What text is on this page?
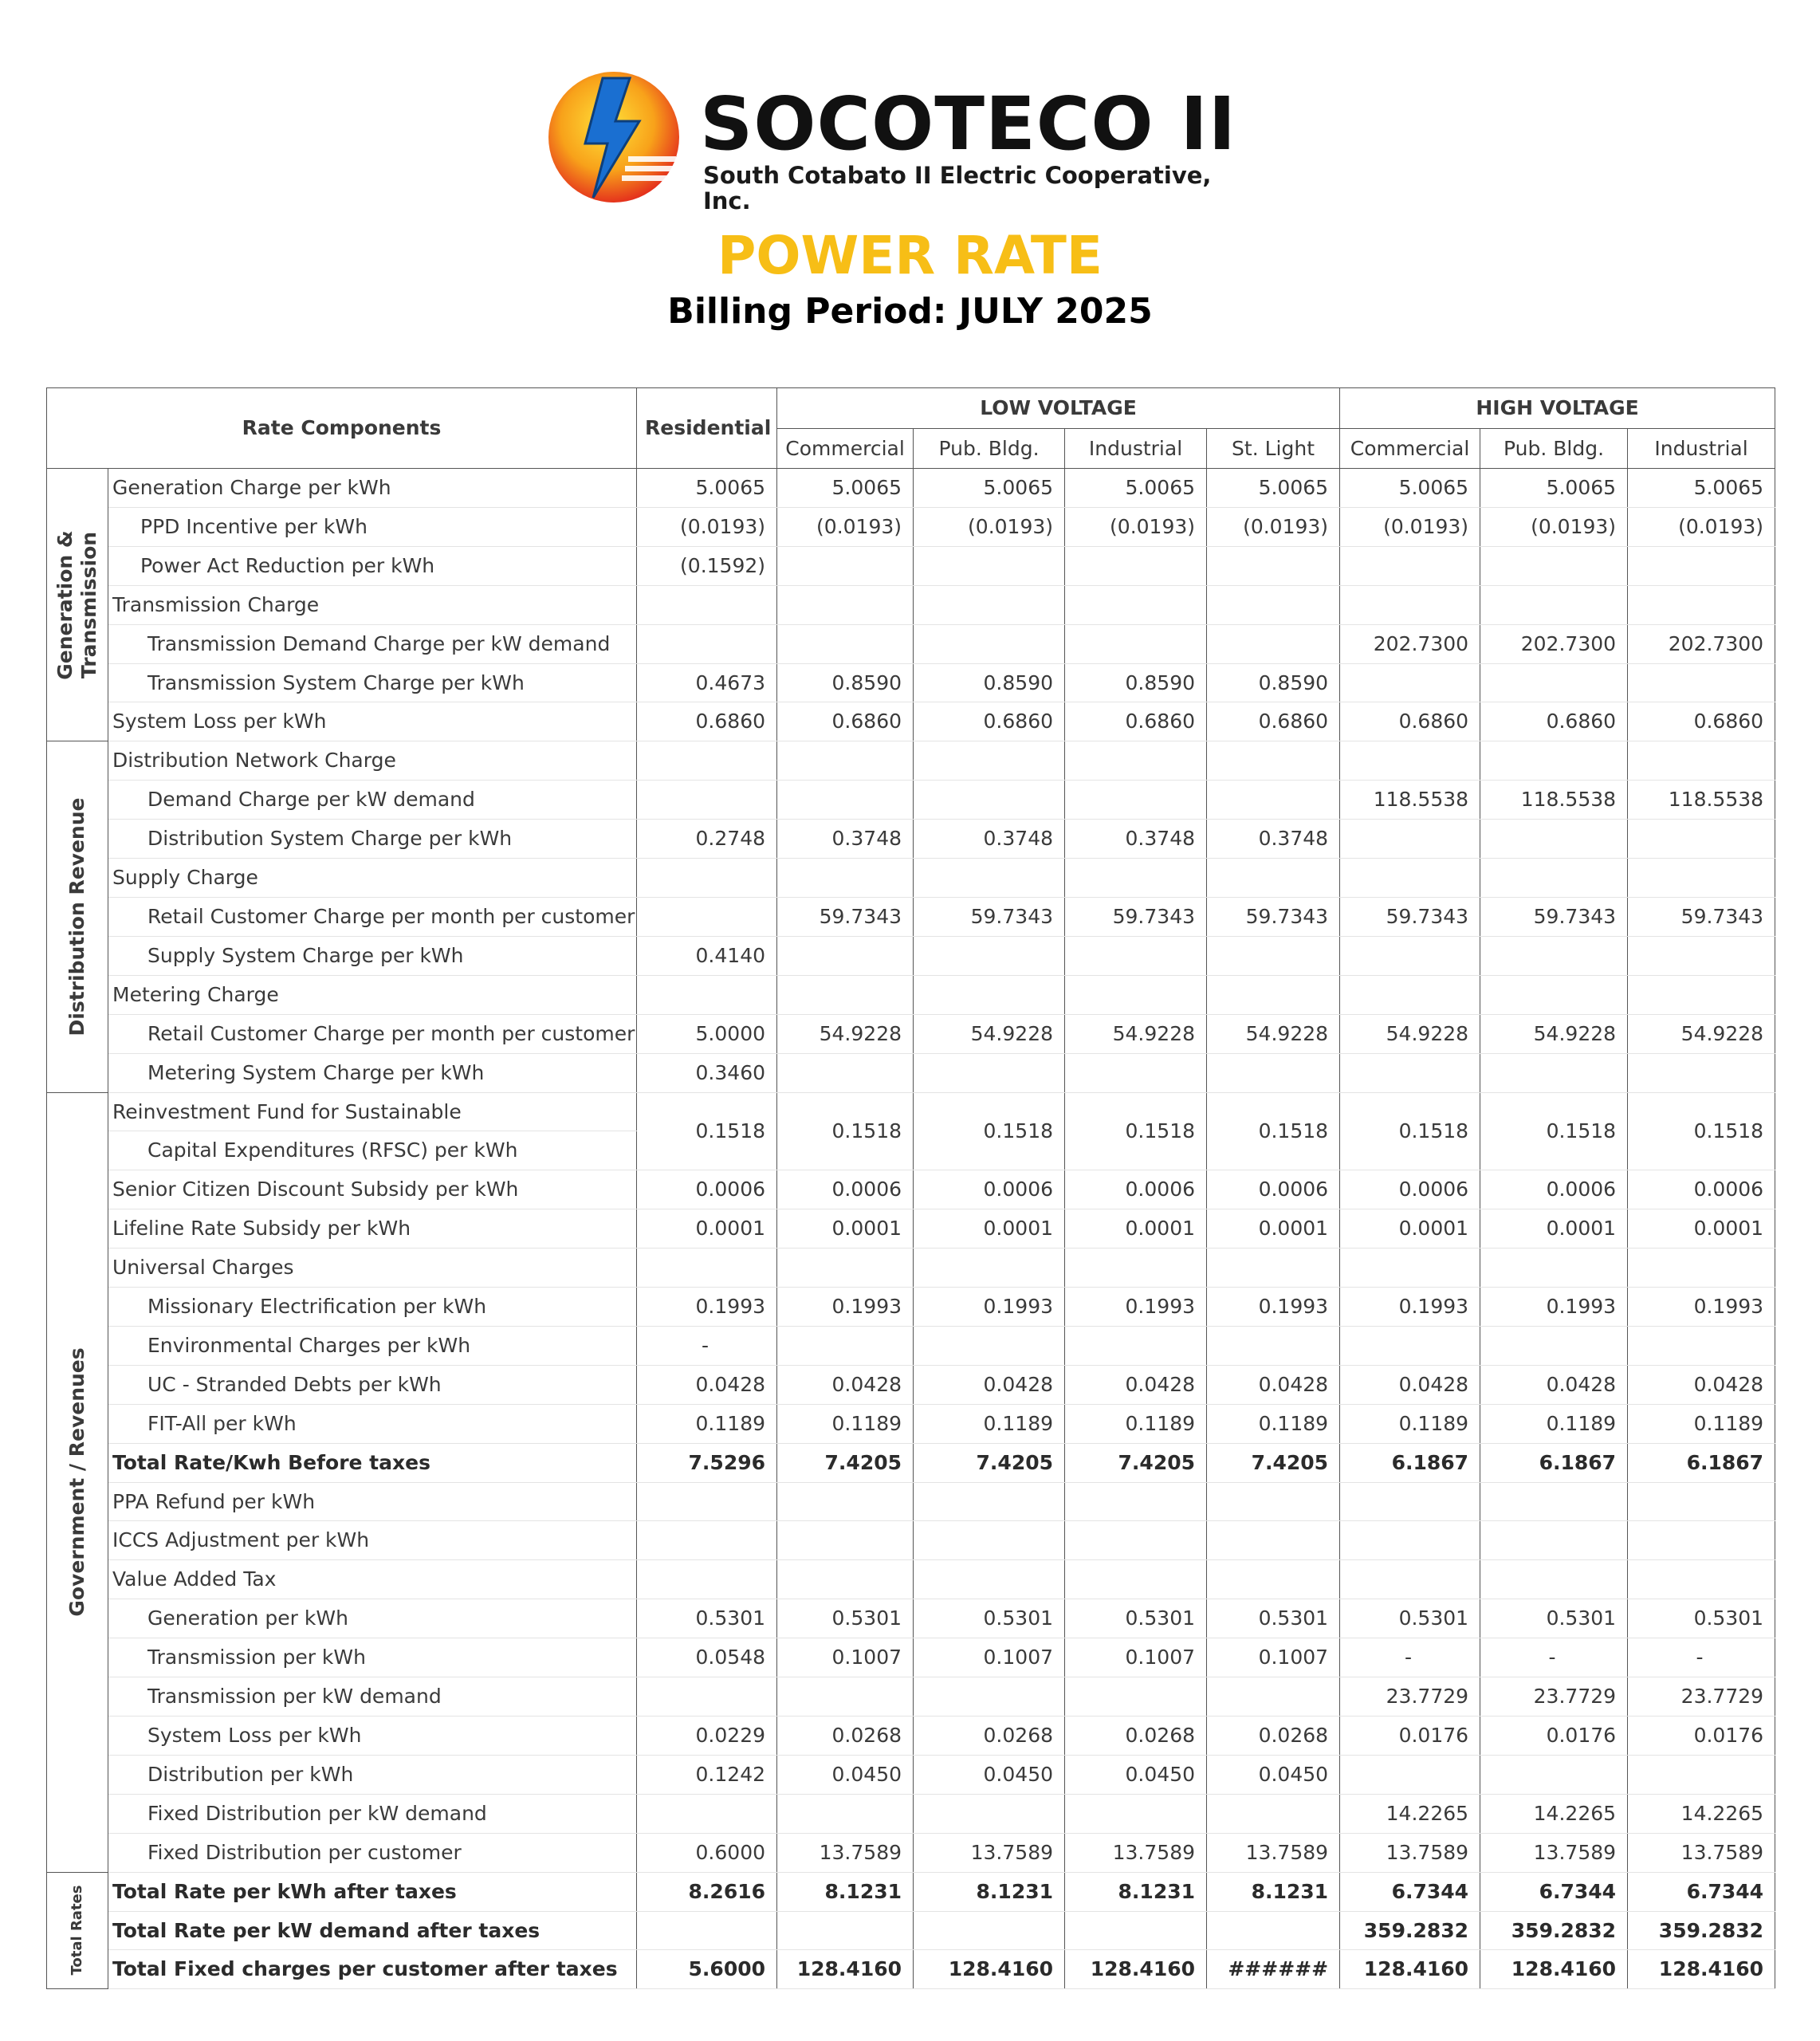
SOCOTECO II
South Cotabato II Electric Cooperative, Inc.
POWER RATE
Billing Period: JULY 2025
Rate Components		Residential	LOW VOLTAGE				HIGH VOLTAGE		
			Commercial	Pub. Bldg.	Industrial	St. Light	Commercial	Pub. Bldg.	Industrial

Generation & Transmission	Generation Charge per kWh	5.0065	5.0065	5.0065	5.0065	5.0065	5.0065	5.0065	5.0065
	PPD Incentive per kWh	(0.0193)	(0.0193)	(0.0193)	(0.0193)	(0.0193)	(0.0193)	(0.0193)	(0.0193)
	Power Act Reduction per kWh	(0.1592)							
	Transmission Charge								
	Transmission Demand Charge per kW demand						202.7300	202.7300	202.7300
	Transmission System Charge per kWh	0.4673	0.8590	0.8590	0.8590	0.8590			
	System Loss per kWh	0.6860	0.6860	0.6860	0.6860	0.6860	0.6860	0.6860	0.6860

Distribution Revenue	Distribution Network Charge								
	Demand Charge per kW demand						118.5538	118.5538	118.5538
	Distribution System Charge per kWh	0.2748	0.3748	0.3748	0.3748	0.3748			
	Supply Charge								
	Retail Customer Charge per month per customer		59.7343	59.7343	59.7343	59.7343	59.7343	59.7343	59.7343
	Supply System Charge per kWh	0.4140							
	Metering Charge								
	Retail Customer Charge per month per customer	5.0000	54.9228	54.9228	54.9228	54.9228	54.9228	54.9228	54.9228
	Metering System Charge per kWh	0.3460							

Government / Revenues	Reinvestment Fund for Sustainable	0.1518	0.1518	0.1518	0.1518	0.1518	0.1518	0.1518	0.1518
	Capital Expenditures (RFSC) per kWh								
	Senior Citizen Discount Subsidy per kWh	0.0006	0.0006	0.0006	0.0006	0.0006	0.0006	0.0006	0.0006
	Lifeline Rate Subsidy per kWh	0.0001	0.0001	0.0001	0.0001	0.0001	0.0001	0.0001	0.0001
	Universal Charges								
	Missionary Electrification per kWh	0.1993	0.1993	0.1993	0.1993	0.1993	0.1993	0.1993	0.1993
	Environmental Charges per kWh	-							
	UC - Stranded Debts per kWh	0.0428	0.0428	0.0428	0.0428	0.0428	0.0428	0.0428	0.0428
	FIT-All per kWh	0.1189	0.1189	0.1189	0.1189	0.1189	0.1189	0.1189	0.1189
	Total Rate/Kwh Before taxes	7.5296	7.4205	7.4205	7.4205	7.4205	6.1867	6.1867	6.1867
	PPA Refund per kWh								
	ICCS Adjustment per kWh								
	Value Added Tax								
	Generation per kWh	0.5301	0.5301	0.5301	0.5301	0.5301	0.5301	0.5301	0.5301
	Transmission per kWh	0.0548	0.1007	0.1007	0.1007	0.1007	-	-	-
	Transmission per kW demand						23.7729	23.7729	23.7729
	System Loss per kWh	0.0229	0.0268	0.0268	0.0268	0.0268	0.0176	0.0176	0.0176
	Distribution per kWh	0.1242	0.0450	0.0450	0.0450	0.0450			
	Fixed Distribution per kW demand						14.2265	14.2265	14.2265
	Fixed Distribution per customer	0.6000	13.7589	13.7589	13.7589	13.7589	13.7589	13.7589	13.7589

Total Rates	Total Rate per kWh after taxes	8.2616	8.1231	8.1231	8.1231	8.1231	6.7344	6.7344	6.7344
	Total Rate per kW demand after taxes						359.2832	359.2832	359.2832
	Total Fixed charges per customer after taxes	5.6000	128.4160	128.4160	128.4160	######	128.4160	128.4160	128.4160
